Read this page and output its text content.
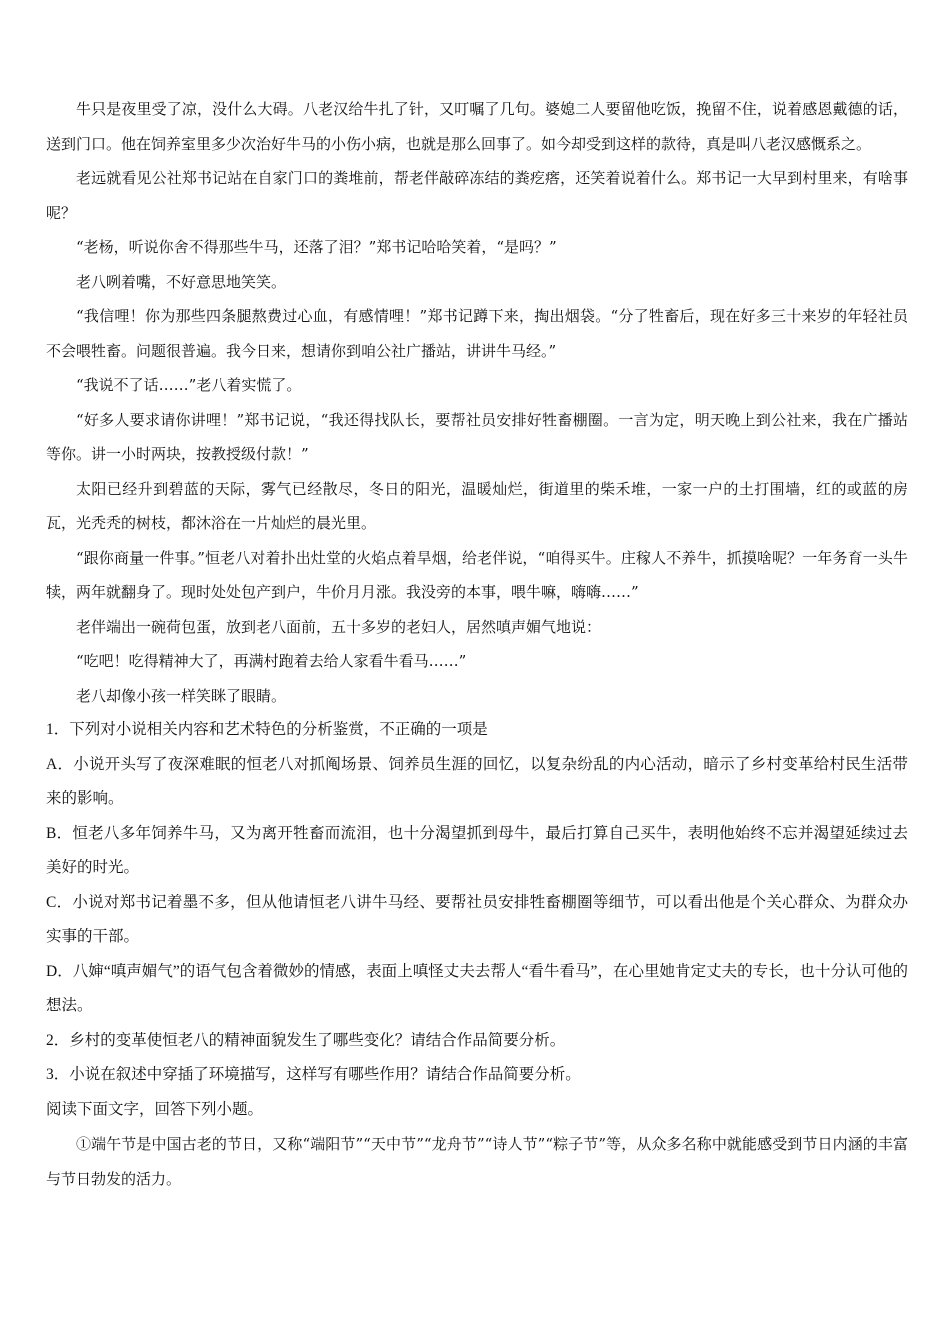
牛只是夜里受了凉，没什么大碍。八老汉给牛扎了针，又叮嘱了几句。婆媳二人要留他吃饭，挽留不住，说着感恩戴德的话，送到门口。他在饲养室里多少次治好牛马的小伤小病，也就是那么回事了。如今却受到这样的款待，真是叫八老汉感慨系之。

老远就看见公社郑书记站在自家门口的粪堆前，帮老伴敲碎冻结的粪疙瘩，还笑着说着什么。郑书记一大早到村里来，有啥事呢？

“老杨，听说你舍不得那些牛马，还落了泪？”郑书记哈哈笑着，“是吗？”

老八咧着嘴，不好意思地笑笑。

“我信哩！你为那些四条腿熬费过心血，有感情哩！”郑书记蹲下来，掏出烟袋。“分了牲畜后，现在好多三十来岁的年轻社员不会喂牲畜。问题很普遍。我今日来，想请你到咱公社广播站，讲讲牛马经。”

“我说不了话……”老八着实慌了。

“好多人要求请你讲哩！”郑书记说，“我还得找队长，要帮社员安排好牲畜棚圈。一言为定，明天晚上到公社来，我在广播站等你。讲一小时两块，按教授级付款！”

太阳已经升到碧蓝的天际，雾气已经散尽，冬日的阳光，温暖灿烂，街道里的柴禾堆，一家一户的土打围墙，红的或蓝的房瓦，光秃秃的树枝，都沐浴在一片灿烂的晨光里。

“跟你商量一件事。”恒老八对着扑出灶堂的火焰点着旱烟，给老伴说，“咱得买牛。庄稼人不养牛，抓摸啥呢？一年务育一头牛犊，两年就翻身了。现时处处包产到户，牛价月月涨。我没旁的本事，喂牛嘛，嗨嗨……”

老伴端出一碗荷包蛋，放到老八面前，五十多岁的老妇人，居然嗔声媚气地说：

“吃吧！吃得精神大了，再满村跑着去给人家看牛看马……”

老八却像小孩一样笑眯了眼睛。

1．下列对小说相关内容和艺术特色的分析鉴赏，不正确的一项是

A．小说开头写了夜深难眠的恒老八对抓阄场景、饲养员生涯的回忆，以复杂纷乱的内心活动，暗示了乡村变革给村民生活带来的影响。

B．恒老八多年饲养牛马，又为离开牲畜而流泪，也十分渴望抓到母牛，最后打算自己买牛，表明他始终不忘并渴望延续过去美好的时光。

C．小说对郑书记着墨不多，但从他请恒老八讲牛马经、要帮社员安排牲畜棚圈等细节，可以看出他是个关心群众、为群众办实事的干部。

D．八婶“嗔声媚气”的语气包含着微妙的情感，表面上嗔怪丈夫去帮人“看牛看马”，在心里她肯定丈夫的专长，也十分认可他的想法。

2．乡村的变革使恒老八的精神面貌发生了哪些变化？请结合作品简要分析。

3．小说在叙述中穿插了环境描写，这样写有哪些作用？请结合作品简要分析。

阅读下面文字，回答下列小题。

①端午节是中国古老的节日，又称“端阳节”“天中节”“龙舟节”“诗人节”“粽子节”等，从众多名称中就能感受到节日内涵的丰富与节日勃发的活力。
